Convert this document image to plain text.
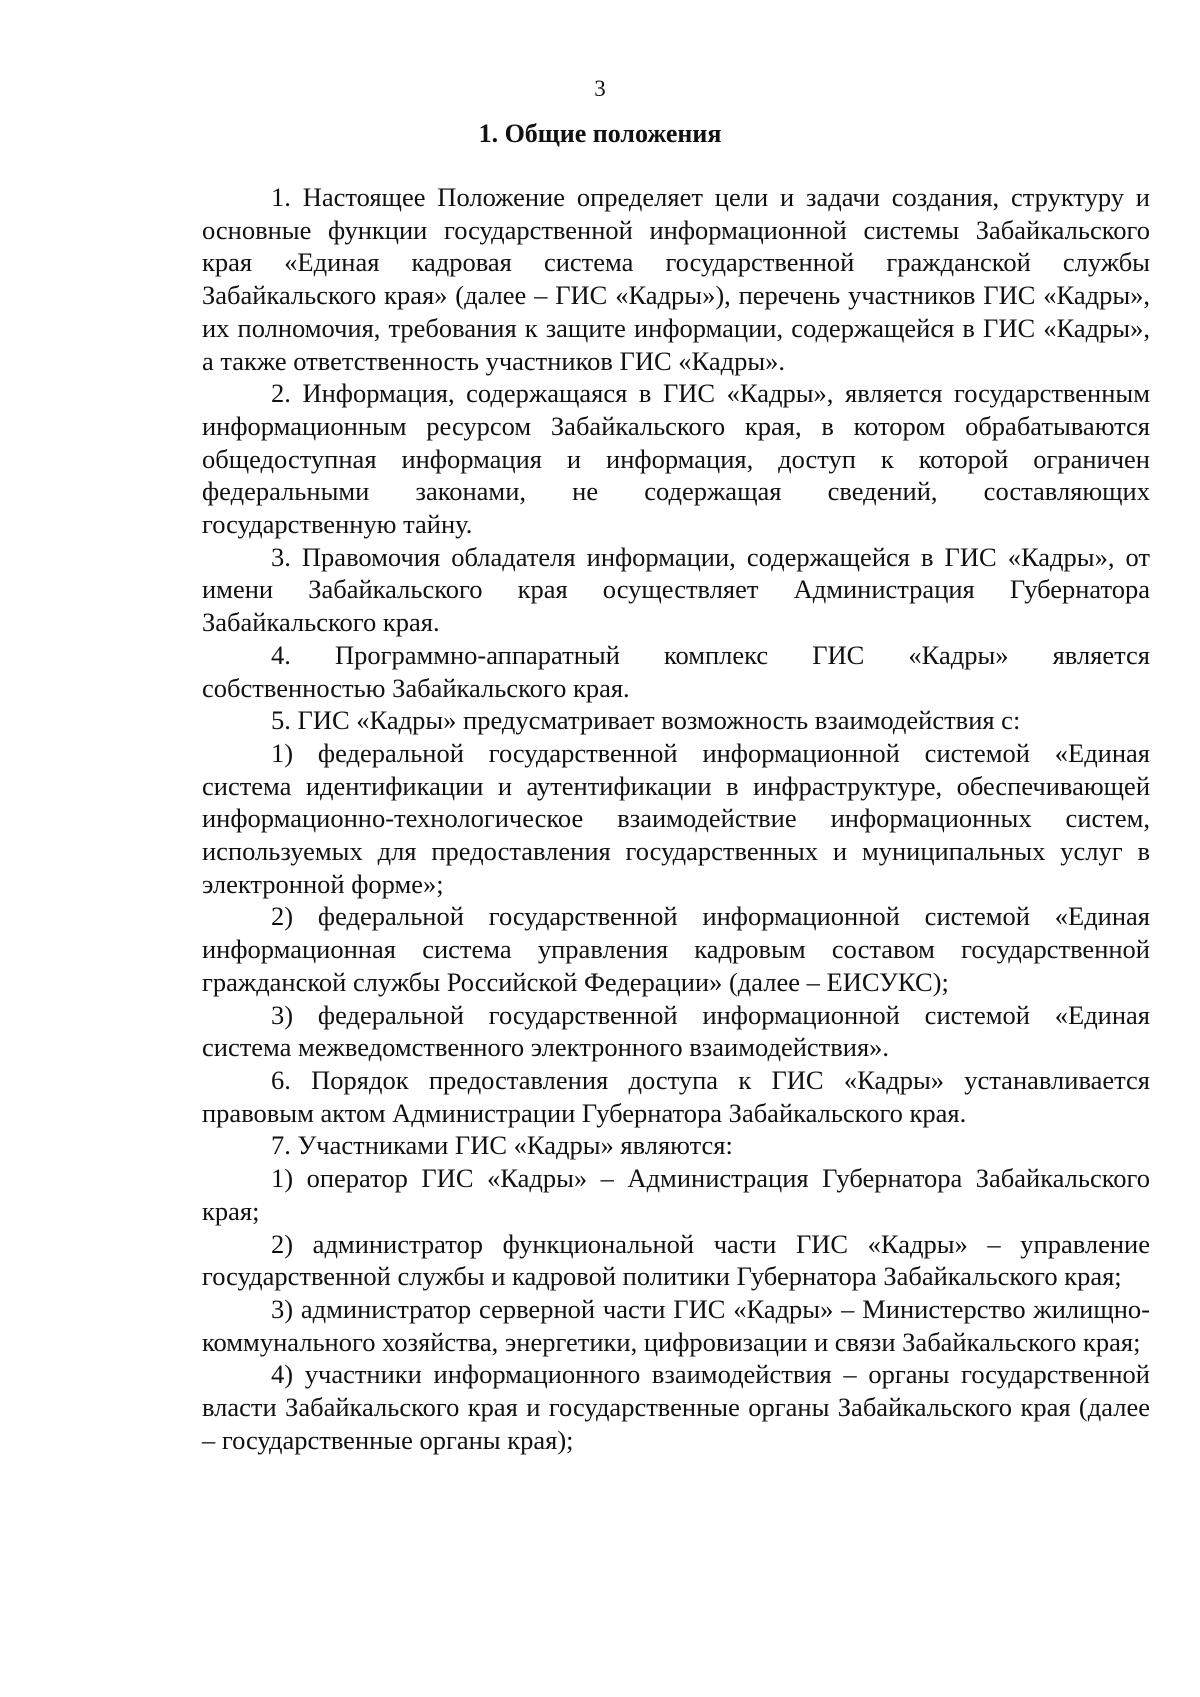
3
1. Общие положения

1. Настоящее Положение определяет цели и задачи создания, структуру и основные функции государственной информационной системы Забайкальского края «Единая кадровая система государственной гражданской службы Забайкальского края» (далее – ГИС «Кадры»), перечень участников ГИС «Кадры», их полномочия, требования к защите информации, содержащейся в ГИС «Кадры», а также ответственность участников ГИС «Кадры».

2. Информация, содержащаяся в ГИС «Кадры», является государственным информационным ресурсом Забайкальского края, в котором обрабатываются общедоступная информация и информация, доступ к которой ограничен федеральными законами, не содержащая сведений, составляющих государственную тайну.

3. Правомочия обладателя информации, содержащейся в ГИС «Кадры», от имени Забайкальского края осуществляет Администрация Губернатора Забайкальского края.

4. Программно-аппаратный комплекс ГИС «Кадры» является собственностью Забайкальского края.

5. ГИС «Кадры» предусматривает возможность взаимодействия с:

1) федеральной государственной информационной системой «Единая система идентификации и аутентификации в инфраструктуре, обеспечивающей информационно-технологическое взаимодействие информационных систем, используемых для предоставления государственных и муниципальных услуг в электронной форме»;

2) федеральной государственной информационной системой «Единая информационная система управления кадровым составом государственной гражданской службы Российской Федерации» (далее – ЕИСУКС);

3) федеральной государственной информационной системой «Единая система межведомственного электронного взаимодействия».

6. Порядок предоставления доступа к ГИС «Кадры» устанавливается правовым актом Администрации Губернатора Забайкальского края.

7. Участниками ГИС «Кадры» являются:

1) оператор ГИС «Кадры» – Администрация Губернатора Забайкальского края;

2) администратор функциональной части ГИС «Кадры» – управление государственной службы и кадровой политики Губернатора Забайкальского края;

3) администратор серверной части ГИС «Кадры» – Министерство жилищно-коммунального хозяйства, энергетики, цифровизации и связи Забайкальского края;

4) участники информационного взаимодействия – органы государственной власти Забайкальского края и государственные органы Забайкальского края (далее – государственные органы края);
